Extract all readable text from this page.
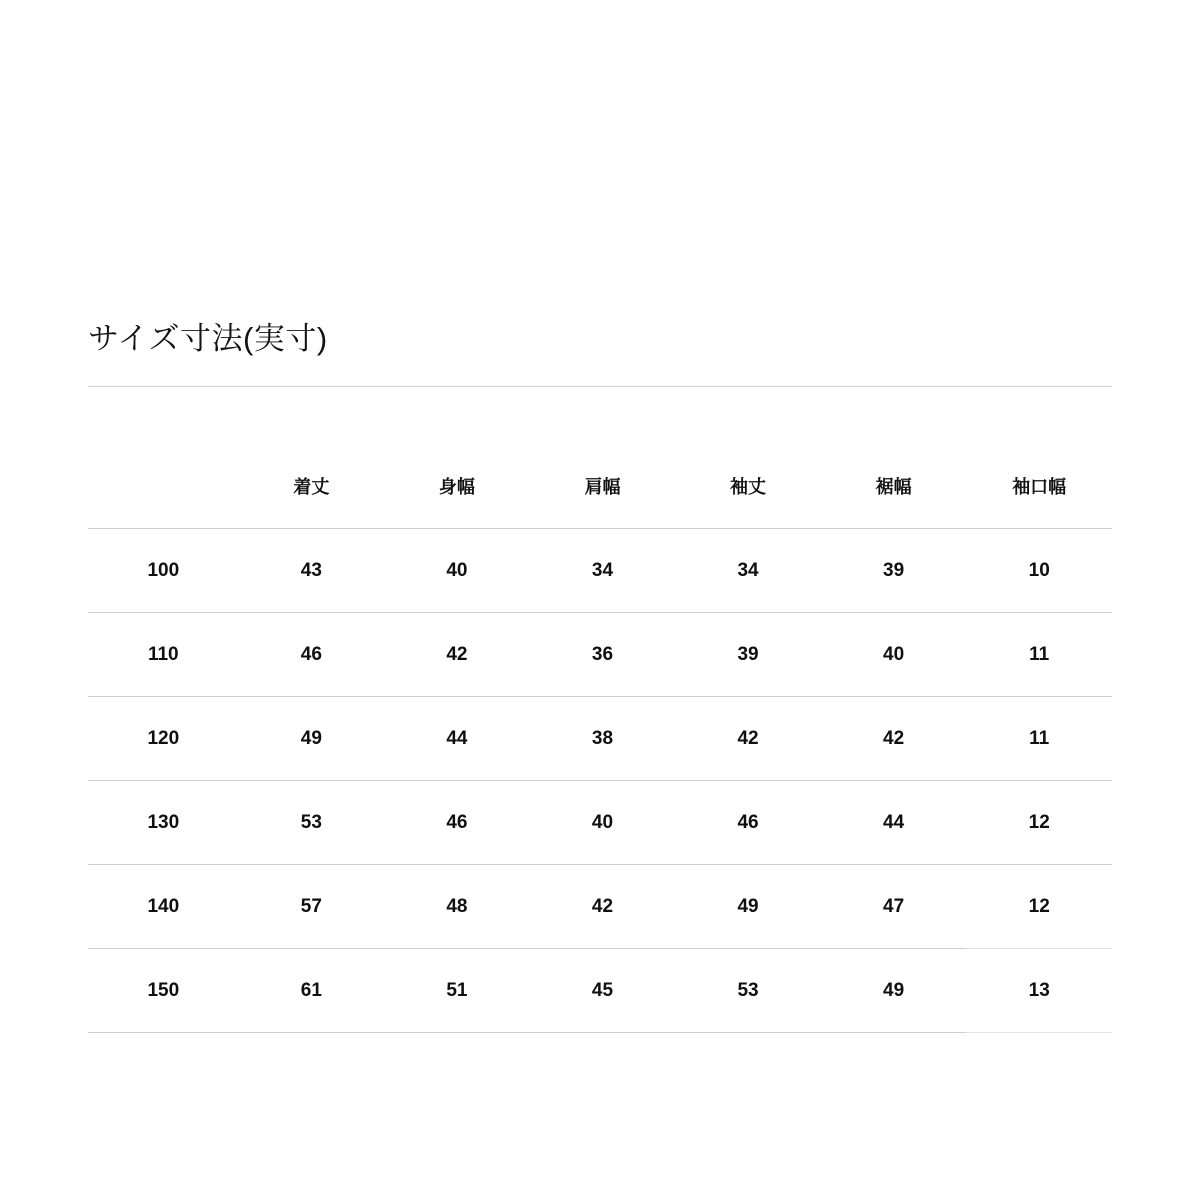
サイズ寸法(実寸)
	着丈	身幅	肩幅	袖丈	裾幅	袖口幅
100	43	40	34	34	39	10
110	46	42	36	39	40	11
120	49	44	38	42	42	11
130	53	46	40	46	44	12
140	57	48	42	49	47	12
150	61	51	45	53	49	13
